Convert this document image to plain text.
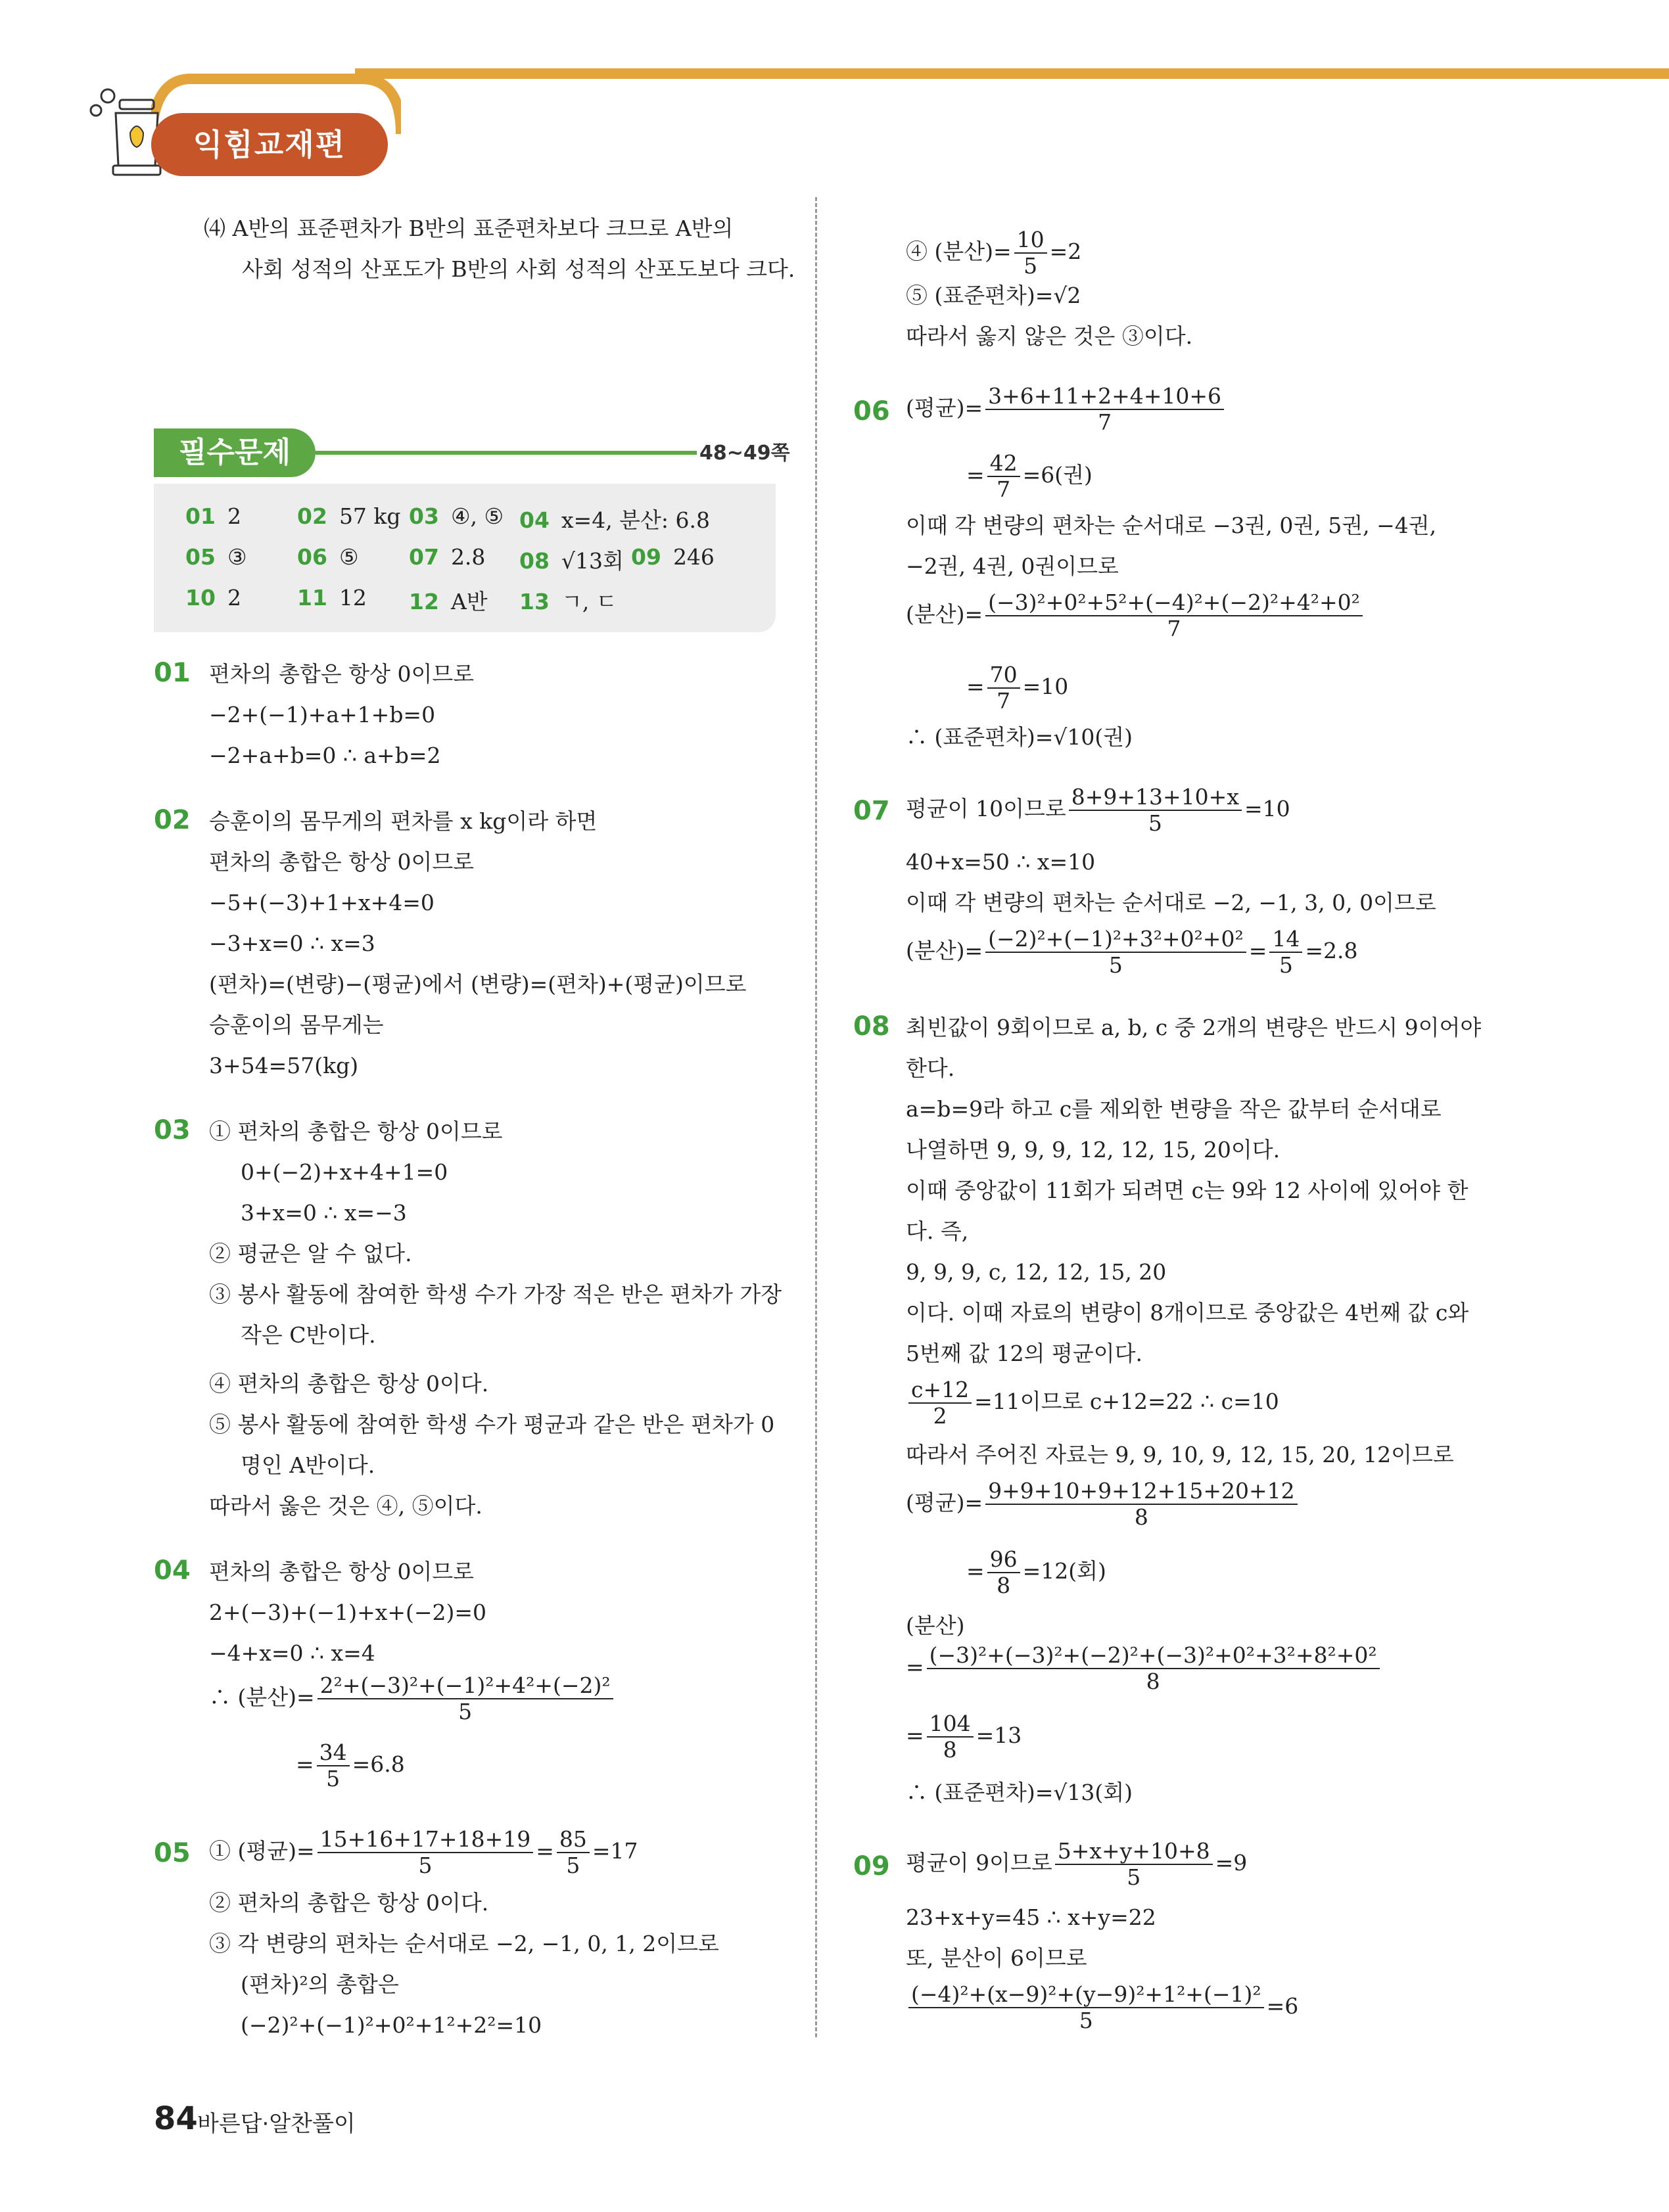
익힘교재편
⑷ A반의 표준편차가 B반의 표준편차보다 크므로 A반의
사회 성적의 산포도가 B반의 사회 성적의 산포도보다 크다.
필수문제	48~49쪽
01 2	02 57 kg 03 ④, ⑤ 04 x=4, 분산: 6.8
05 ③ 06 ⑤ 07 2.8 08 √13회 09 246
10 2	11 12 12 A반 13 ㄱ, ㄷ
01 편차의 총합은 항상 0이므로
−2+(−1)+a+1+b=0
−2+a+b=0 ∴ a+b=2
02 승훈이의 몸무게의 편차를 x kg이라 하면
편차의 총합은 항상 0이므로
−5+(−3)+1+x+4=0
−3+x=0 ∴ x=3
(편차)=(변량)−(평균)에서 (변량)=(편차)+(평균)이므로
승훈이의 몸무게는
3+54=57(kg)
03 ① 편차의 총합은 항상 0이므로
0+(−2)+x+4+1=0
3+x=0 ∴ x=−3
② 평균은 알 수 없다.
③ 봉사 활동에 참여한 학생 수가 가장 적은 반은 편차가 가장
작은 C반이다.
④ 편차의 총합은 항상 0이다.
⑤ 봉사 활동에 참여한 학생 수가 평균과 같은 반은 편차가 0
명인 A반이다.
따라서 옳은 것은 ④, ⑤이다.
04 편차의 총합은 항상 0이므로
2+(−3)+(−1)+x+(−2)=0
−4+x=0 ∴ x=4
∴ (분산)= $\frac{\text{2²+(−3)²+(−1)²+4²+(−2)²}}{5}$
= $\frac{34}{5} =6.8$
05 ① (평균)= $\frac{15+16+17+18+19}{5} = \frac{85}{5} =17$
② 편차의 총합은 항상 0이다.
③ 각 변량의 편차는 순서대로 −2, −1, 0, 1, 2이므로
(편차)²의 총합은
(−2)²+(−1)²+0²+1²+2²=10
④ (분산)= $\frac{10}{5} =2$
⑤ (표준편차)=√2
따라서 옳지 않은 것은 ③이다.
06 (평균)= $\frac{3+6+11+2+4+10+6}{7}$
= $\frac{42}{7} =6$(권)
이때 각 변량의 편차는 순서대로 −3권, 0권, 5권, −4권,
−2권, 4권, 0권이므로
(분산)= $\frac{\text{(−3)²+0²+5²+(−4)²+(−2)²+4²+0²}}{7}$
= $\frac{70}{7} =10$
∴ (표준편차)=√10(권)
07 평균이 10이므로 $\frac{8+9+13+10+x}{5} =10$
40+x=50 ∴ x=10
이때 각 변량의 편차는 순서대로 −2, −1, 3, 0, 0이므로
(분산)= $\frac{\text{(−2)²+(−1)²+3²+0²+0²}}{5} = \frac{14}{5} =2.8$
08 최빈값이 9회이므로 a, b, c 중 2개의 변량은 반드시 9이어야
한다.
a=b=9라 하고 c를 제외한 변량을 작은 값부터 순서대로
나열하면 9, 9, 9, 12, 12, 15, 20이다.
이때 중앙값이 11회가 되려면 c는 9와 12 사이에 있어야 한
다. 즉,
9, 9, 9, c, 12, 12, 15, 20
이다. 이때 자료의 변량이 8개이므로 중앙값은 4번째 값 c와
5번째 값 12의 평균이다.
$\frac{c+12}{2} =11$이므로 c+12=22 ∴ c=10
따라서 주어진 자료는 9, 9, 10, 9, 12, 15, 20, 12이므로
(평균)= $\frac{9+9+10+9+12+15+20+12}{8}$
= $\frac{96}{8} =12$(회)
(분산)
= $\frac{\text{(−3)²+(−3)²+(−2)²+(−3)²+0²+3²+8²+0²}}{8}$
= $\frac{104}{8} =13$
∴ (표준편차)=√13(회)
09 평균이 9이므로 $\frac{5+x+y+10+8}{5} =9$
23+x+y=45 ∴ x+y=22
또, 분산이 6이므로
$\frac{\text{(−4)²+(x−9)²+(y−9)²+1²+(−1)²}}{5} =6$
84 바른답·알찬풀이
